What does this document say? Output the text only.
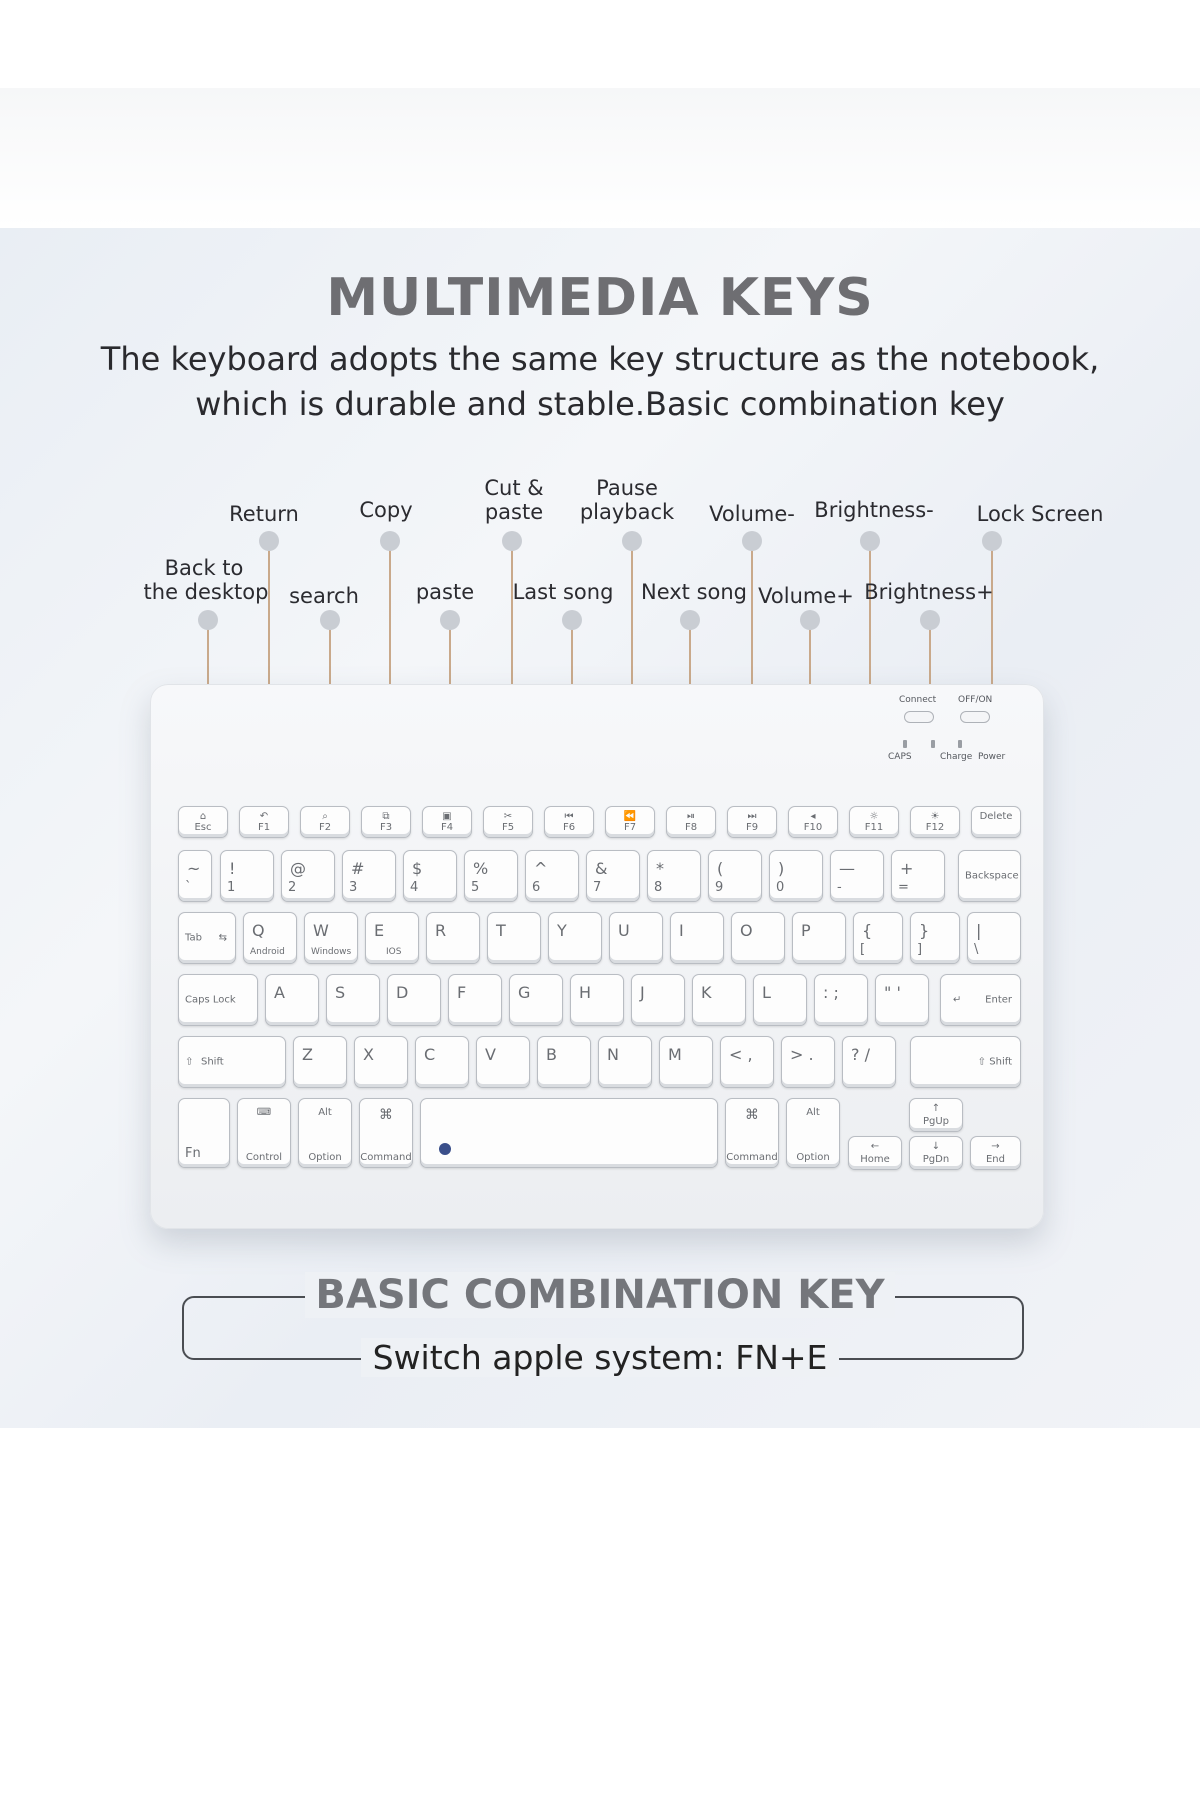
MULTIMEDIA KEYS
The keyboard adopts the same key structure as the notebook,
which is durable and stable.Basic combination key
Return	Copy
Cut &
paste
Pause
playback Volume- Brightness- Lock Screen
Back to
the desktop search	paste Last song Next song Volume+ Brightness+
Connect OFF/ON
CAPS	Charge Power
⌂
Esc
↶
F1
⌕
F2
⧉
F3
▣
F4
✂
F5
⏮
F6
⏪
F7
⏯
F8
⏭
F9
◂
F10
☼
F11
☀
F12
Delete
~
`
!
1
@
2
#
3
$
4
%
5
^
6
&
7
*
8
(
9
)
0
—
-
+
=
Backspace
Tab ⇆ Q
Android
W
Windows
E
IOS
R	T	Y	U	I	O	P	{
[
}
]
|
\
Caps Lock A	S	D	F	G	H	J	K	L	: ;	" '	↵ Enter
⇧ Shift	Z	X	C	V	B	N	M	< , > . ? /	⇧ Shift
Fn
⌨
Control
Alt
Option
⌘
Command
⌘
Command
Alt
Option
←
Home
↑
PgUp
↓
PgDn
→
End
BASIC COMBINATION KEY
Switch apple system: FN+E
